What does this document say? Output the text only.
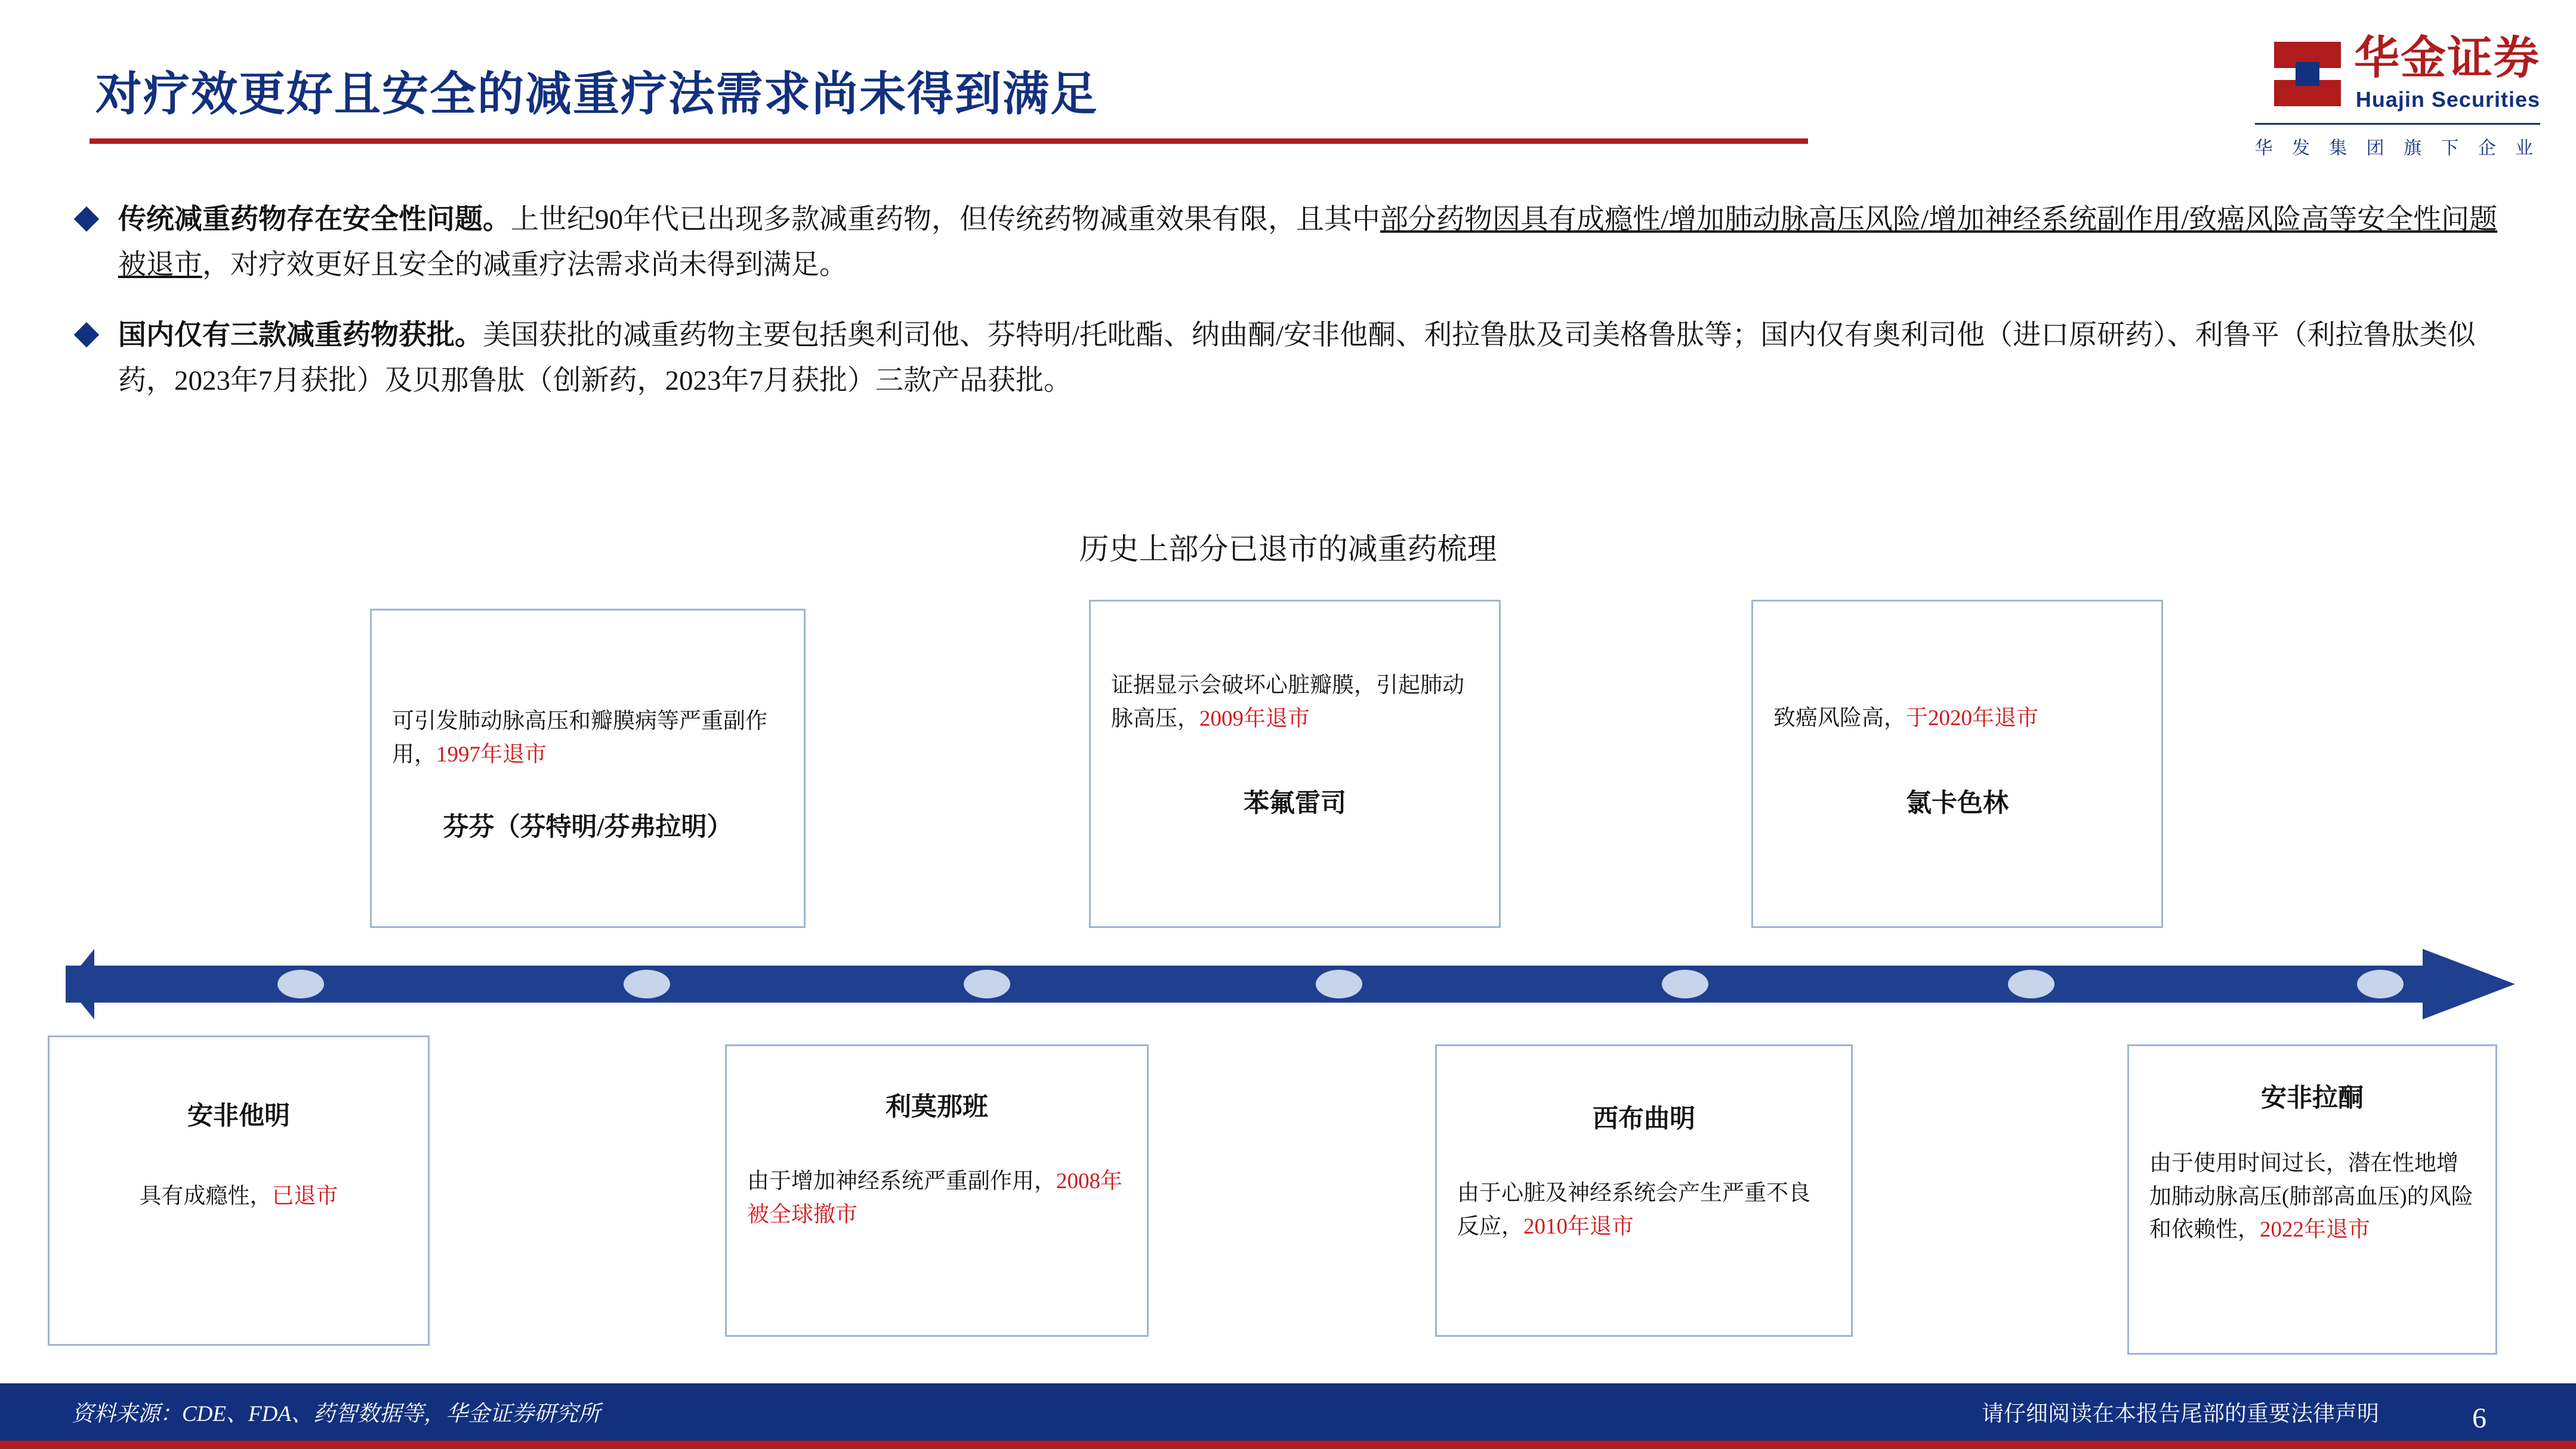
对疗效更好且安全的减重疗法需求尚未得到满足
华金证券
Huajin Securities
华 发 集 团 旗 下 企 业
传统减重药物存在安全性问题。上世纪90年代已出现多款减重药物，但传统药物减重效果有限，且其中部分药物因具有成瘾性/增加肺动脉高压风险/增加神经系统副作用/致癌风险高等安全性问题被退市，对疗效更好且安全的减重疗法需求尚未得到满足。
国内仅有三款减重药物获批。美国获批的减重药物主要包括奥利司他、芬特明/托吡酯、纳曲酮/安非他酮、利拉鲁肽及司美格鲁肽等；国内仅有奥利司他（进口原研药）、利鲁平（利拉鲁肽类似药，2023年7月获批）及贝那鲁肽（创新药，2023年7月获批）三款产品获批。
历史上部分已退市的减重药梳理
可引发肺动脉高压和瓣膜病等严重副作用，1997年退市
芬芬（芬特明/芬弗拉明）
证据显示会破坏心脏瓣膜，引起肺动脉高压，2009年退市
苯氟雷司
致癌风险高，于2020年退市
氯卡色林
安非他明
具有成瘾性，已退市
利莫那班
由于增加神经系统严重副作用，2008年被全球撤市
西布曲明
由于心脏及神经系统会产生严重不良反应，2010年退市
安非拉酮
由于使用时间过长，潜在性地增加肺动脉高压(肺部高血压)的风险和依赖性，2022年退市
资料来源：CDE、FDA、药智数据等，华金证券研究所	请仔细阅读在本报告尾部的重要法律声明	6
